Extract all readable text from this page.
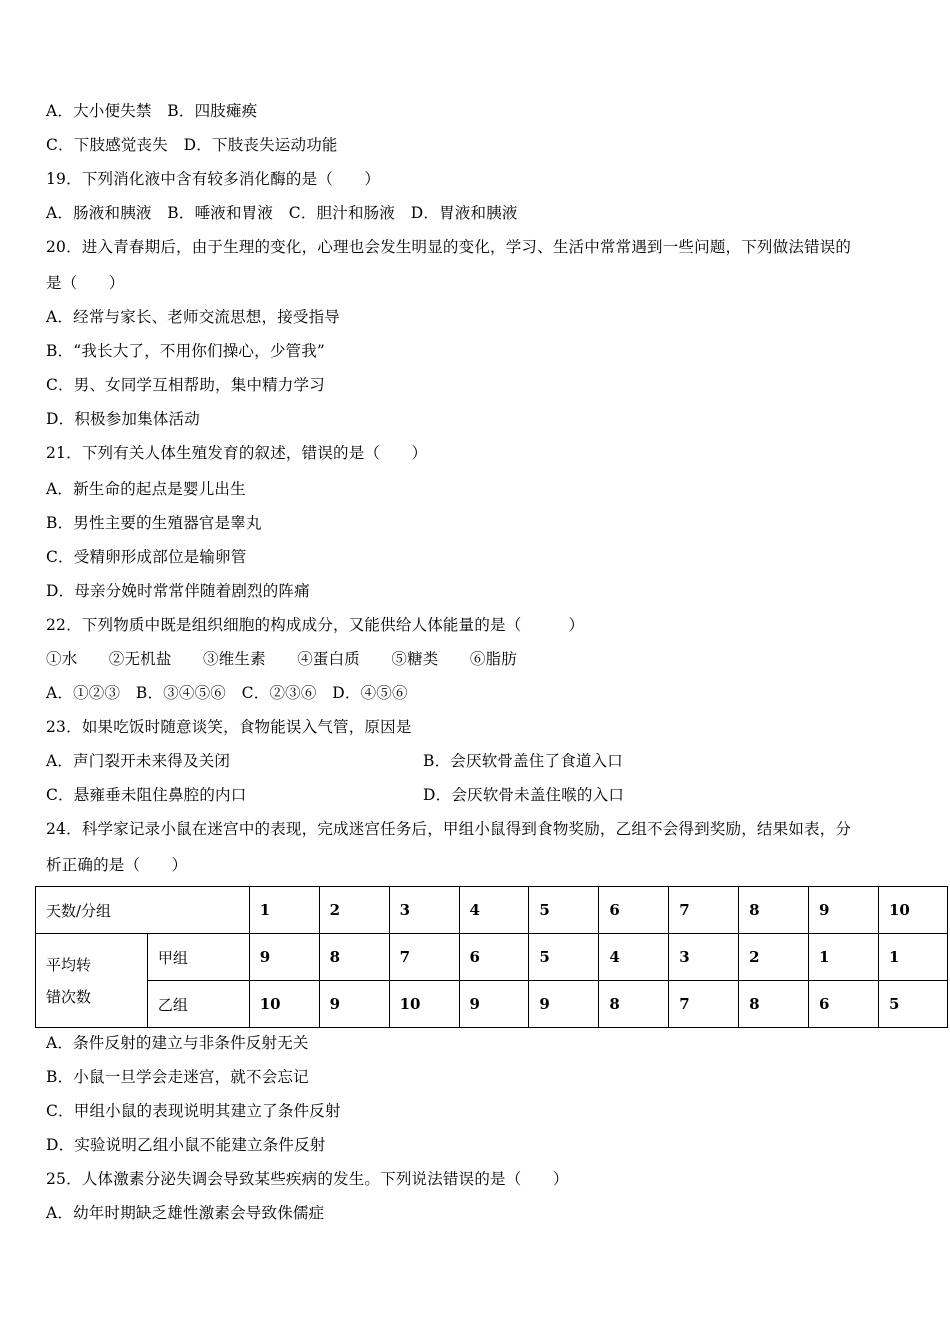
A．大小便失禁　B．四肢瘫痪
C．下肢感觉丧失　D．下肢丧失运动功能
19．下列消化液中含有较多消化酶的是（　　）
A．肠液和胰液　B．唾液和胃液　C．胆汁和肠液　D．胃液和胰液
20．进入青春期后，由于生理的变化，心理也会发生明显的变化，学习、生活中常常遇到一些问题，下列做法错误的
是（　　）
A．经常与家长、老师交流思想，接受指导
B．“我长大了，不用你们操心，少管我”
C．男、女同学互相帮助，集中精力学习
D．积极参加集体活动
21．下列有关人体生殖发育的叙述，错误的是（　　）
A．新生命的起点是婴儿出生
B．男性主要的生殖器官是睾丸
C．受精卵形成部位是输卵管
D．母亲分娩时常常伴随着剧烈的阵痛
22．下列物质中既是组织细胞的构成成分，又能供给人体能量的是（　　　）
①水　　②无机盐　　③维生素　　④蛋白质　　⑤糖类　　⑥脂肪
A．①②③　B．③④⑤⑥　C．②③⑥　D．④⑤⑥
23．如果吃饭时随意谈笑，食物能误入气管，原因是
A．声门裂开未来得及关闭	B．会厌软骨盖住了食道入口
C．悬雍垂未阻住鼻腔的内口	D．会厌软骨未盖住喉的入口
24．科学家记录小鼠在迷宫中的表现，完成迷宫任务后，甲组小鼠得到食物奖励，乙组不会得到奖励，结果如表，分
析正确的是（　　）
天数/分组		1	2	3	4	5	6	7	8	9	10

平均转
错次数	甲组	9	8	7	6	5	4	3	2	1	1
	乙组	10	9	10	9	9	8	7	8	6	5
A．条件反射的建立与非条件反射无关
B．小鼠一旦学会走迷宫，就不会忘记
C．甲组小鼠的表现说明其建立了条件反射
D．实验说明乙组小鼠不能建立条件反射
25．人体激素分泌失调会导致某些疾病的发生。下列说法错误的是（　　）
A．幼年时期缺乏雄性激素会导致侏儒症
